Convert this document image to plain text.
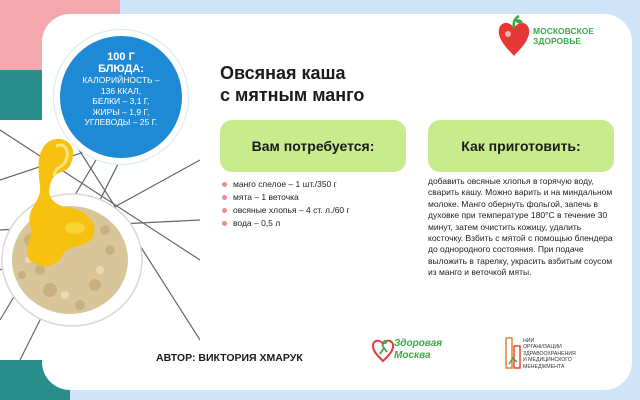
100 Г
БЛЮДА:
КАЛОРИЙНОСТЬ –
136 ККАЛ,
БЕЛКИ – 3,1 Г,
ЖИРЫ – 1,9 Г,
УГЛЕВОДЫ – 25 Г.
Овсяная каша
с мятным манго
МОСКОВСКОЕ
ЗДОРОВЬЕ
Вам потребуется:	Как приготовить:
манго спелое – 1 шт./350 г
мята – 1 веточка
овсяные хлопья – 4 ст. л./60 г
вода – 0,5 л
добавить овсяные хлопья в горячую воду, сварить кашу. Можно варить и на миндальном молоке. Манго обернуть фольгой, запечь в духовке при температуре 180°С в течение 30 минут, затем очистить кожицу, удалить косточку. Взбить с мятой с помощью блендера до однородного состояния. При подаче выложить в тарелку, украсить взбитым соусом из манго и веточкой мяты.
АВТОР: ВИКТОРИЯ ХМАРУК
Здоровая
Москва
НИИ
ОРГАНИЗАЦИИ
ЗДРАВООХРАНЕНИЯ
И МЕДИЦИНСКОГО
МЕНЕДЖМЕНТА
